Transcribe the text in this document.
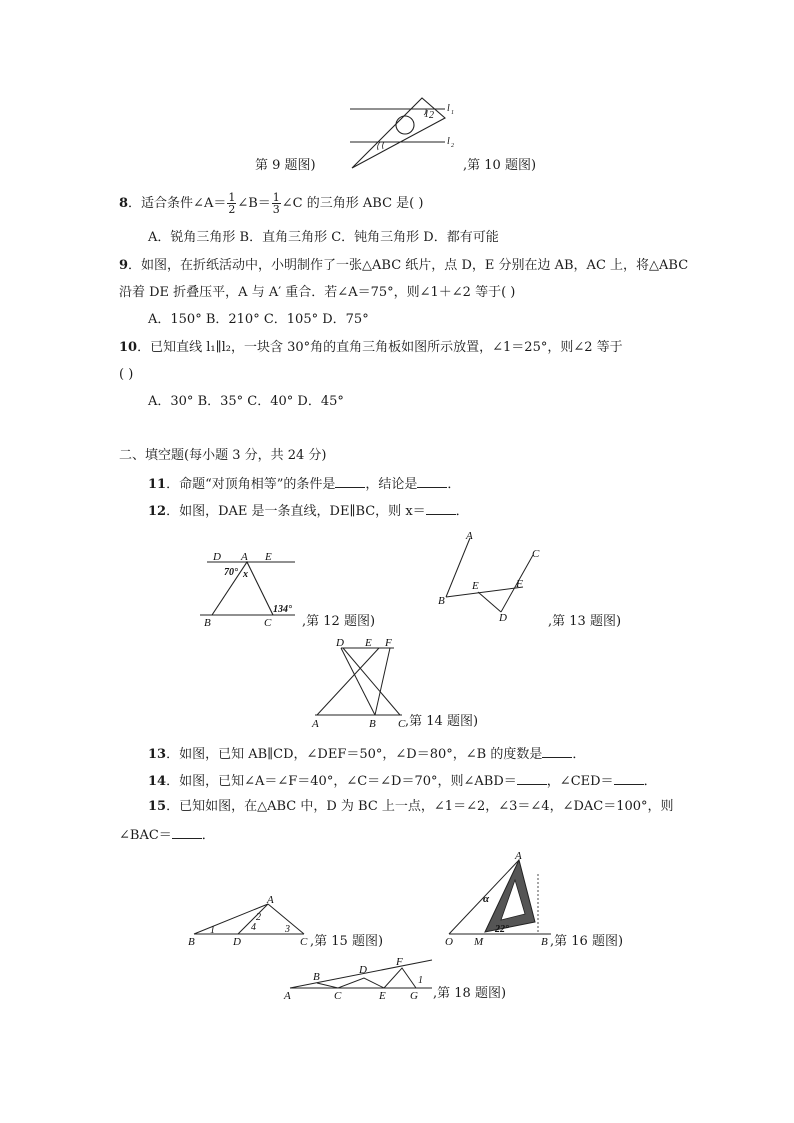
2
1
l 1
l 2
第 9 题图)	,第 10 题图)
8．适合条件∠A＝ $\frac{1}{2}$ ∠B＝ $\frac{1}{3}$ ∠C 的三角形 ABC 是( )
A．锐角三角形 B．直角三角形 C．钝角三角形 D．都有可能
9．如图，在折纸活动中，小明制作了一张△ABC 纸片，点 D，E 分别在边 AB，AC 上，将△ABC
沿着 DE 折叠压平，A 与 A′ 重合．若∠A＝75°，则∠1＋∠2 等于( )
A．150° B．210° C．105° D．75°
10．已知直线 l₁∥l₂，一块含 30°角的直角三角板如图所示放置，∠1＝25°，则∠2 等于
( )
A．30° B．35° C．40° D．45°
二、填空题(每小题 3 分，共 24 分)
11．命题“对顶角相等”的条件是 ，结论是 ．
12．如图，DAE 是一条直线，DE∥BC，则 x＝ ．
D A E
70° x
134°
B	C ,第 12 题图)
A
C
E	F
B
D	,第 13 题图)
D E F
A	B C ,第 14 题图)
13．如图，已知 AB∥CD，∠DEF＝50°，∠D＝80°，∠B 的度数是 ．
14．如图，已知∠A＝∠F＝40°，∠C＝∠D＝70°，则∠ABD＝ ，∠CED＝ ．
15．已知如图，在△ABC 中，D 为 BC 上一点，∠1＝∠2，∠3＝∠4，∠DAC＝100°，则
∠BAC＝ ．
A
2
1	4	3
B	D	C ,第 15 题图)
A
α
22°
O M	B ,第 16 题图)
A
B
C
D
E
F
1
G ,第 18 题图)
